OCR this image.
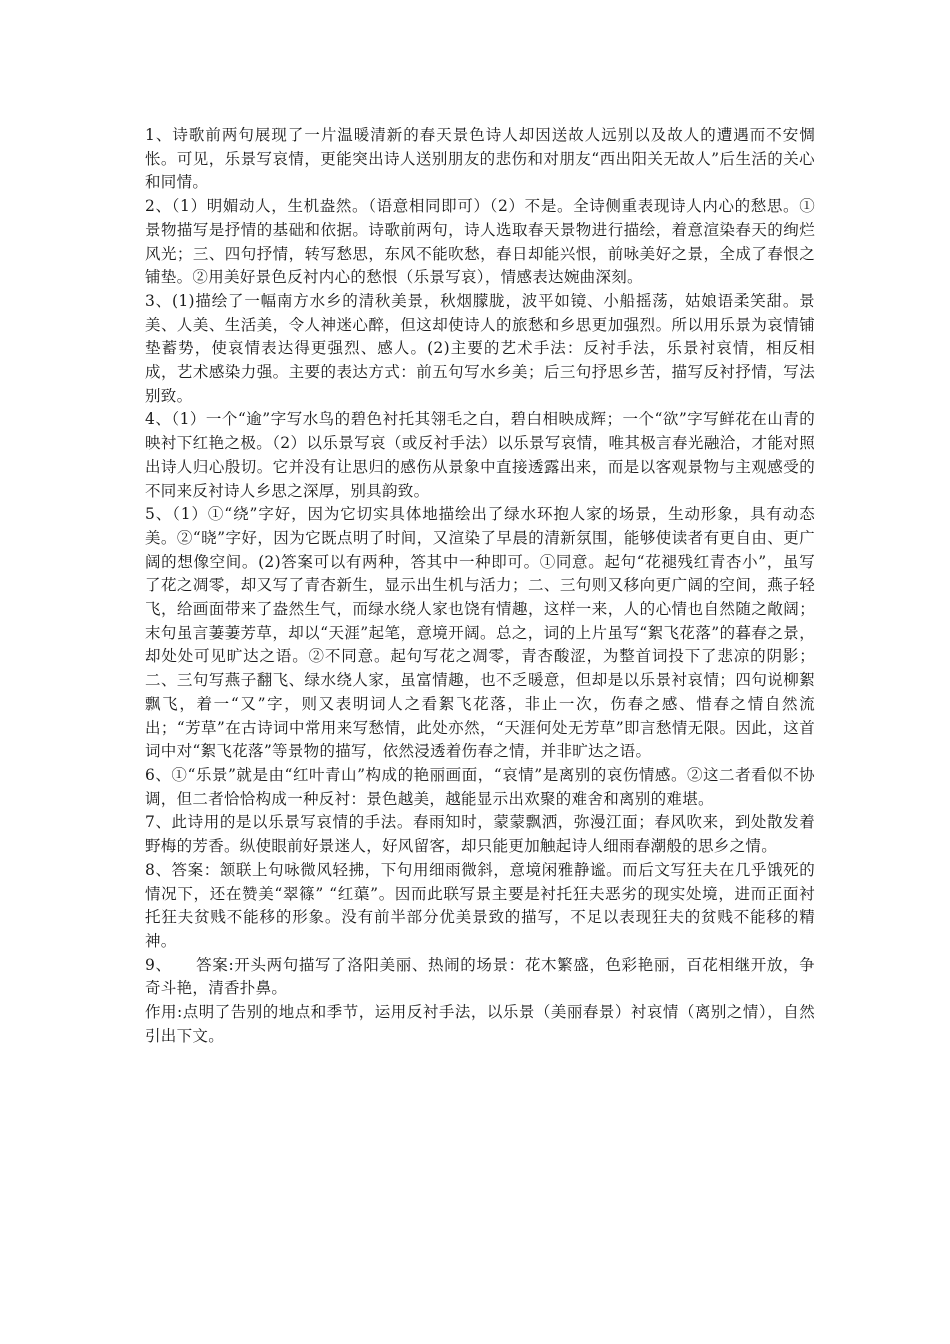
1、诗歌前两句展现了一片温暖清新的春天景色诗人却因送故人远别以及故人的遭遇而不安惆怅。可见，乐景写哀情，更能突出诗人送别朋友的悲伤和对朋友“西出阳关无故人”后生活的关心和同情。

2、（1）明媚动人，生机盎然。（语意相同即可）（2）不是。全诗侧重表现诗人内心的愁思。①景物描写是抒情的基础和依据。诗歌前两句，诗人选取春天景物进行描绘，着意渲染春天的绚烂风光；三、四句抒情，转写愁思，东风不能吹愁，春日却能兴恨，前咏美好之景，全成了春恨之铺垫。②用美好景色反衬内心的愁恨（乐景写哀），情感表达婉曲深刻。

3、(1)描绘了一幅南方水乡的清秋美景，秋烟朦胧，波平如镜、小船摇荡，姑娘语柔笑甜。景美、人美、生活美，令人神迷心醉，但这却使诗人的旅愁和乡思更加强烈。所以用乐景为哀情铺垫蓄势，使哀情表达得更强烈、感人。(2)主要的艺术手法：反衬手法，乐景衬哀情，相反相成，艺术感染力强。主要的表达方式：前五句写水乡美；后三句抒思乡苦，描写反衬抒情，写法别致。

4、（1）一个“逾”字写水鸟的碧色衬托其翎毛之白，碧白相映成辉；一个“欲”字写鲜花在山青的映衬下红艳之极。（2）以乐景写哀（或反衬手法）以乐景写哀情，唯其极言春光融洽，才能对照出诗人归心殷切。它并没有让思归的感伤从景象中直接透露出来，而是以客观景物与主观感受的不同来反衬诗人乡思之深厚，别具韵致。

5、（1）①“绕”字好，因为它切实具体地描绘出了绿水环抱人家的场景，生动形象，具有动态美。②“晓”字好，因为它既点明了时间，又渲染了早晨的清新氛围，能够使读者有更自由、更广阔的想像空间。(2)答案可以有两种，答其中一种即可。①同意。起句“花褪残红青杏小”，虽写了花之凋零，却又写了青杏新生，显示出生机与活力；二、三句则又移向更广阔的空间，燕子轻飞，给画面带来了盎然生气，而绿水绕人家也饶有情趣，这样一来，人的心情也自然随之敞阔；末句虽言萋萋芳草，却以“天涯”起笔，意境开阔。总之，词的上片虽写“絮飞花落”的暮春之景，却处处可见旷达之语。②不同意。起句写花之凋零，青杏酸涩，为整首词投下了悲凉的阴影；二、三句写燕子翻飞、绿水绕人家，虽富情趣，也不乏暖意，但却是以乐景衬哀情；四句说柳絮飘飞，着一“又”字，则又表明词人之看絮飞花落，非止一次，伤春之感、惜春之情自然流出；“芳草”在古诗词中常用来写愁情，此处亦然，“天涯何处无芳草”即言愁情无限。因此，这首词中对“絮飞花落”等景物的描写，依然浸透着伤春之情，并非旷达之语。

6、①“乐景”就是由“红叶青山”构成的艳丽画面，“哀情”是离别的哀伤情感。②这二者看似不协调，但二者恰恰构成一种反衬：景色越美，越能显示出欢聚的难舍和离别的难堪。

7、此诗用的是以乐景写哀情的手法。春雨知时，蒙蒙飘洒，弥漫江面；春风吹来，到处散发着野梅的芳香。纵使眼前好景迷人，好风留客，却只能更加触起诗人细雨春潮般的思乡之情。

8、答案：颔联上句咏微风轻拂，下句用细雨微斜，意境闲雅静谧。而后文写狂夫在几乎饿死的情况下，还在赞美“翠篠” “红蕖”。因而此联写景主要是衬托狂夫恶劣的现实处境，进而正面衬托狂夫贫贱不能移的形象。没有前半部分优美景致的描写，不足以表现狂夫的贫贱不能移的精神。

9、　　答案:开头两句描写了洛阳美丽、热闹的场景：花木繁盛，色彩艳丽，百花相继开放，争奇斗艳，清香扑鼻。

作用:点明了告别的地点和季节，运用反衬手法，以乐景（美丽春景）衬哀情（离别之情），自然引出下文。
